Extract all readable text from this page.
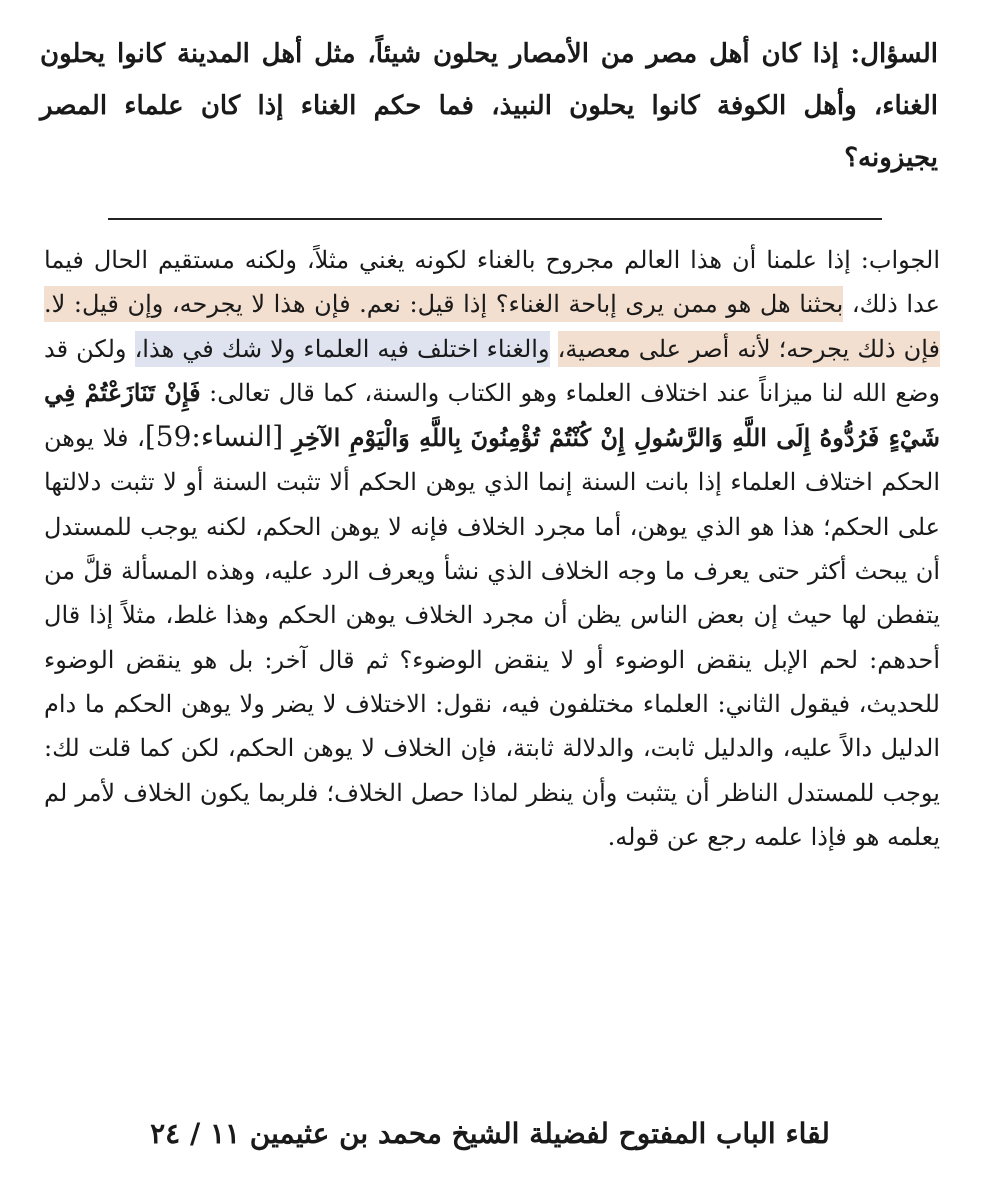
السؤال: إذا كان أهل مصر من الأمصار يحلون شيئاً، مثل أهل المدينة كانوا يحلون الغناء، وأهل الكوفة كانوا يحلون النبيذ، فما حكم الغناء إذا كان علماء المصر يجيزونه؟

الجواب: إذا علمنا أن هذا العالم مجروح بالغناء لكونه يغني مثلاً، ولكنه مستقيم الحال فيما عدا ذلك، بحثنا هل هو ممن يرى إباحة الغناء؟ إذا قيل: نعم. فإن هذا لا يجرحه، وإن قيل: لا. فإن ذلك يجرحه؛ لأنه أصر على معصية، والغناء اختلف فيه العلماء ولا شك في هذا، ولكن قد وضع الله لنا ميزاناً عند اختلاف العلماء وهو الكتاب والسنة، كما قال تعالى: فَإِنْ تَنَازَعْتُمْ فِي شَيْءٍ فَرُدُّوهُ إِلَى اللَّهِ وَالرَّسُولِ إِنْ كُنْتُمْ تُؤْمِنُونَ بِاللَّهِ وَالْيَوْمِ الآخِرِ [النساء:59]، فلا يوهن الحكم اختلاف العلماء إذا بانت السنة إنما الذي يوهن الحكم ألا تثبت السنة أو لا تثبت دلالتها على الحكم؛ هذا هو الذي يوهن، أما مجرد الخلاف فإنه لا يوهن الحكم، لكنه يوجب للمستدل أن يبحث أكثر حتى يعرف ما وجه الخلاف الذي نشأ ويعرف الرد عليه، وهذه المسألة قلَّ من يتفطن لها حيث إن بعض الناس يظن أن مجرد الخلاف يوهن الحكم وهذا غلط، مثلاً إذا قال أحدهم: لحم الإبل ينقض الوضوء أو لا ينقض الوضوء؟ ثم قال آخر: بل هو ينقض الوضوء للحديث، فيقول الثاني: العلماء مختلفون فيه، نقول: الاختلاف لا يضر ولا يوهن الحكم ما دام الدليل دالاً عليه، والدليل ثابت، والدلالة ثابتة، فإن الخلاف لا يوهن الحكم، لكن كما قلت لك: يوجب للمستدل الناظر أن يتثبت وأن ينظر لماذا حصل الخلاف؛ فلربما يكون الخلاف لأمر لم يعلمه هو فإذا علمه رجع عن قوله.

لقاء الباب المفتوح لفضيلة الشيخ محمد بن عثيمين ١١ / ٢٤
